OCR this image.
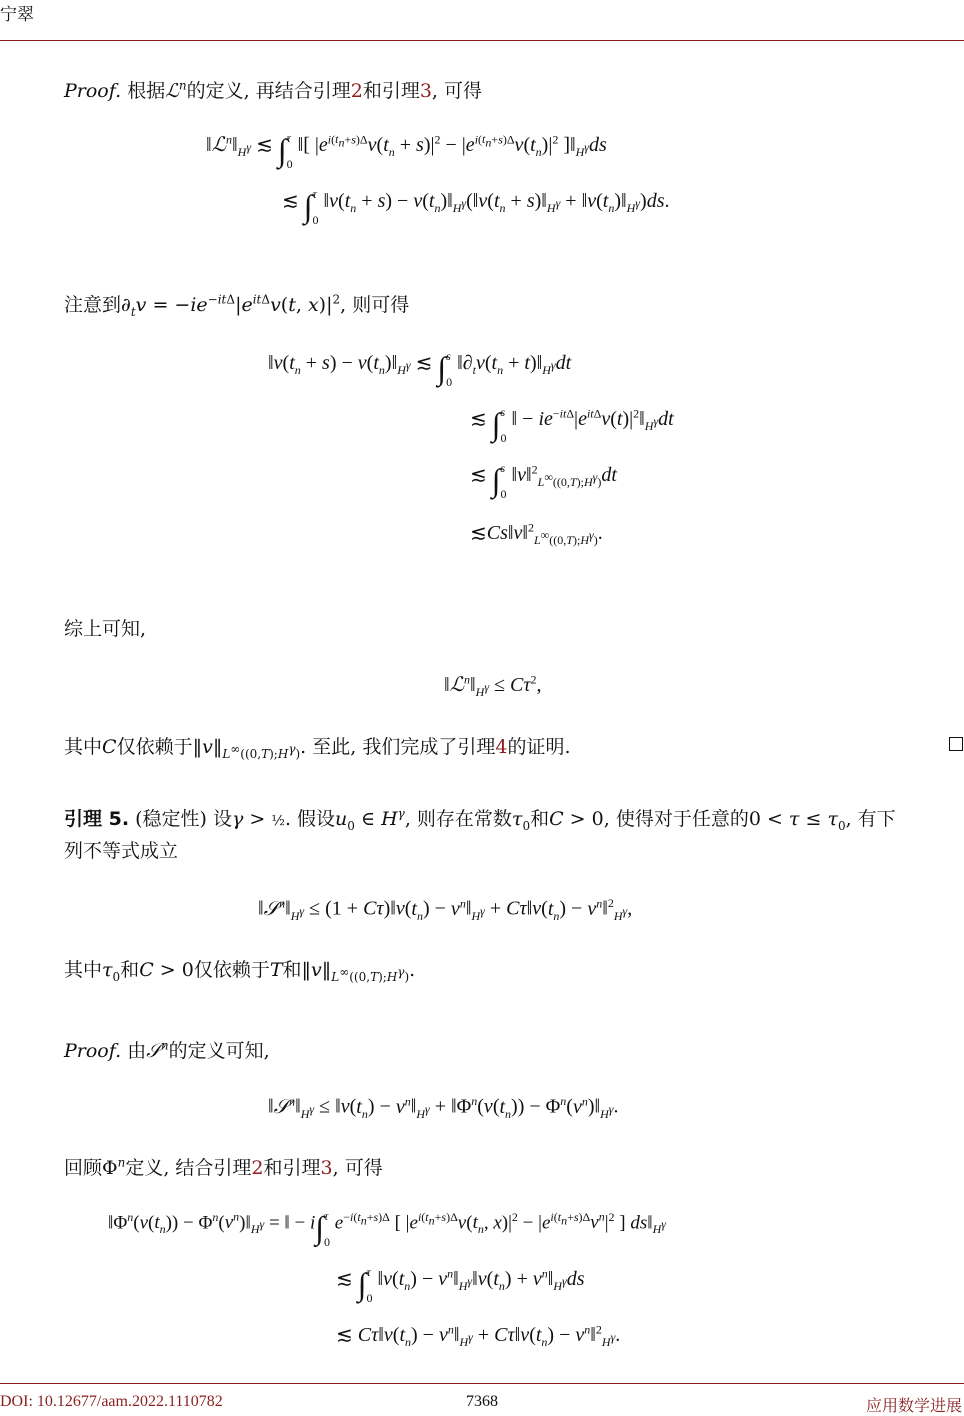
宁翠
Proof. 根据ℒ$^n$的定义, 再结合引理2和引理3, 可得
$‖ℒ^n‖_{H^\gamma}$ ≲ ∫τ

0 ‖[ $|e^{i(t_n+s)\Delta}v(t_n + s)|^2 - |e^{i(t_n+s)\Delta}v(t_n)|^2$ ]$‖_{H^\gamma}ds$
≲ ∫τ

0 $‖v(t_n + s)$ − $v(t_n)‖_{H^\gamma}(‖v(t_n$ + $s)‖_{H^\gamma}$ + $‖v(t_n)‖_{H^\gamma})ds$.
注意到$\partial_tv = -ie^{-it\Delta}|e^{it\Delta}v(t$, $x)|^2$, 则可得
$‖v(t_n + s)$ − $v(t_n)‖_{H^\gamma}$ ≲ ∫s

0 $‖\partial_tv(t_n$ + $t)‖_{H^\gamma}dt$
≲ ∫s

0 ‖ − $ie^{-it\Delta}|e^{it\Delta}v(t)|^2‖_{H^\gamma}dt$
≲ ∫s

0 ‖v‖$^2_{L^\infty((0,T);H^\gamma)}$dt
≲Cs‖v‖$^2_{L^\infty((0,T);H^\gamma)}$.
综上可知,
$‖ℒ^n‖_{H^\gamma} \le C\tau^2$,
其中C仅依赖于$‖v‖_{L^\infty((0,T);H^\gamma)}$. 至此, 我们完成了引理4的证明.
引理 5. (稳定性) 设γ > ½. 假设$u_0$ ∈ $H^\gamma$, 则存在常数$\tau_0$和C > 0, 使得对于任意的$0 < \tau \le \tau_0$, 有下
列不等式成立
$‖𝒮^n‖_{H^\gamma} \le (1$ + $C\tau)‖v(t_n)$ − $v^n‖_{H^\gamma}$ + $C\tau‖v(t_n)$ − $v^n‖^2_{H^\gamma}$,
其中$\tau_0$和C > 0仅依赖于T和$‖v‖_{L^\infty((0,T);H^\gamma)}$.
Proof. 由𝒮$^n$的定义可知,
$‖𝒮^n‖_{H^\gamma}$ ≤ $‖v(t_n)$ − $v^n‖_{H^\gamma}$ + $‖\Phi^n(v(t_n))$ − $\Phi^n(v^n)‖_{H^\gamma}$.
回顾$\Phi^n$定义, 结合引理2和引理3, 可得
$‖\Phi^n(v(t_n))$ − $\Phi^n(v^n)‖_{H^\gamma}$ = ‖ − i∫τ

0 $e^{-i(t_n+s)\Delta}$ [ $|e^{i(t_n+s)\Delta}v(t_n$, $x)|^2 - |e^{i(t_n+s)\Delta}v^n|^2$ ] $ds‖_{H^\gamma}$
≲ ∫τ

0 $‖v(t_n)$ − $v^n‖_{H^\gamma}‖v(t_n)$ + $v^n‖_{H^\gamma}ds$
≲ $C\tau‖v(t_n)$ − $v^n‖_{H^\gamma}$ + $C\tau‖v(t_n)$ − $v^n‖^2_{H^\gamma}$.
DOI: 10.12677/aam.2022.1110782	7368	应用数学进展
